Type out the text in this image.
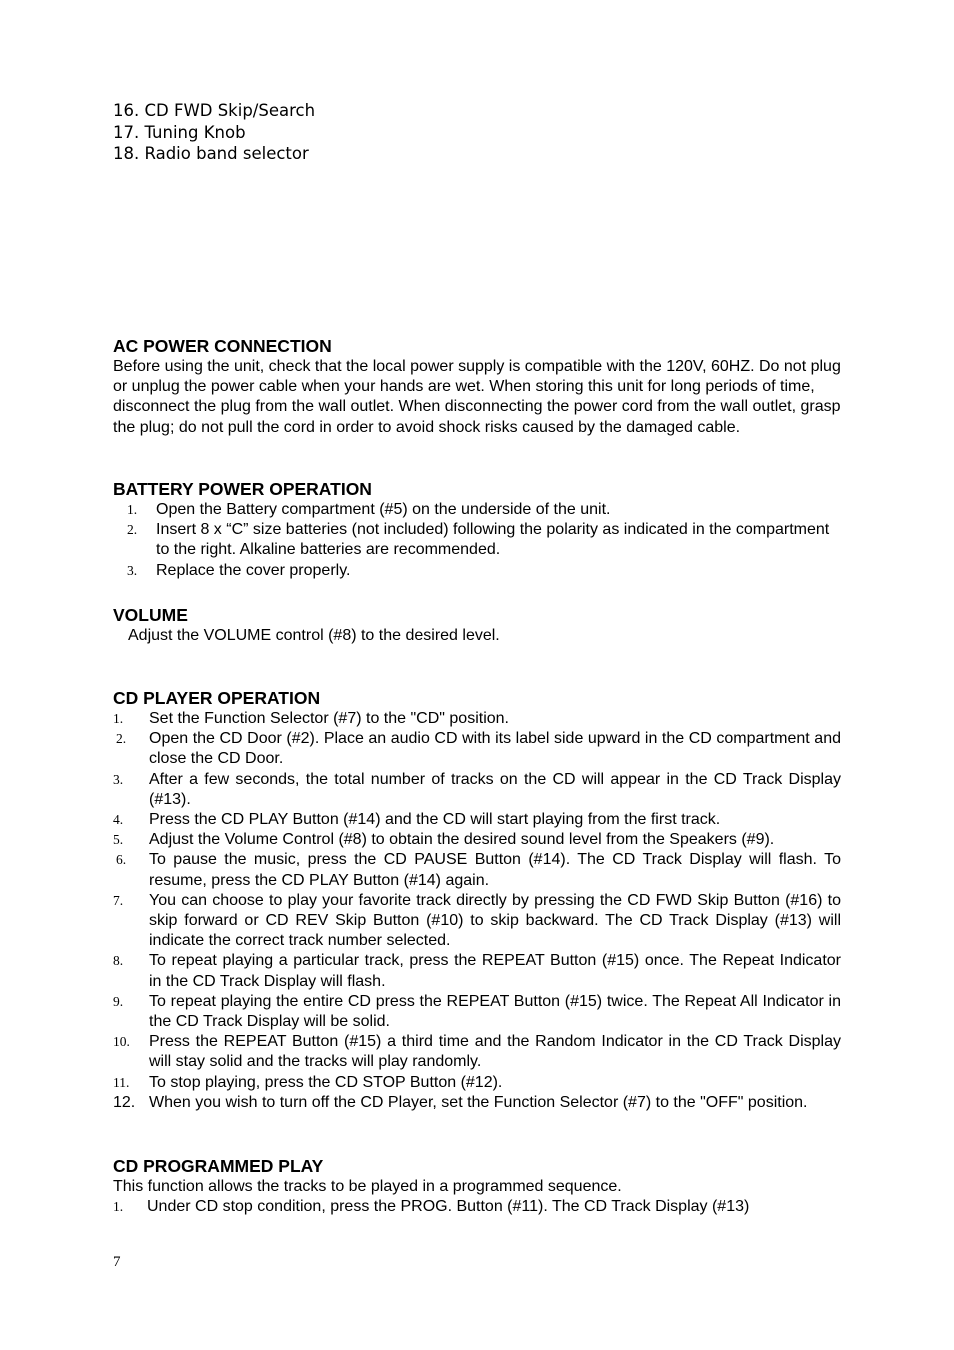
16. CD FWD Skip/Search
17. Tuning Knob
18. Radio band selector
AC POWER CONNECTION
Before using the unit, check that the local power supply is compatible with the 120V, 60HZ. Do not plug or unplug the power cable when your hands are wet. When storing this unit for long periods of time, disconnect the plug from the wall outlet. When disconnecting the power cord from the wall outlet, grasp the plug; do not pull the cord in order to avoid shock risks caused by the damaged cable.
BATTERY POWER OPERATION
1. Open the Battery compartment (#5) on the underside of the unit.
2. Insert 8 x “C” size batteries (not included) following the polarity as indicated in the compartment to the right. Alkaline batteries are recommended.
3. Replace the cover properly.
VOLUME
Adjust the VOLUME control (#8) to the desired level.
CD PLAYER OPERATION
1. Set the Function Selector (#7) to the "CD" position.
2. Open the CD Door (#2). Place an audio CD with its label side upward in the CD compartment and close the CD Door.
3. After a few seconds, the total number of tracks on the CD will appear in the CD Track Display (#13).
4. Press the CD PLAY Button (#14) and the CD will start playing from the first track.
5. Adjust the Volume Control (#8) to obtain the desired sound level from the Speakers (#9).
6. To pause the music, press the CD PAUSE Button (#14). The CD Track Display will flash. To resume, press the CD PLAY Button (#14) again.
7. You can choose to play your favorite track directly by pressing the CD FWD Skip Button (#16) to skip forward or CD REV Skip Button (#10) to skip backward. The CD Track Display (#13) will indicate the correct track number selected.
8. To repeat playing a particular track, press the REPEAT Button (#15) once. The Repeat Indicator in the CD Track Display will flash.
9. To repeat playing the entire CD press the REPEAT Button (#15) twice. The Repeat All Indicator in the CD Track Display will be solid.
10. Press the REPEAT Button (#15) a third time and the Random Indicator in the CD Track Display will stay solid and the tracks will play randomly.
11. To stop playing, press the CD STOP Button (#12).
12. When you wish to turn off the CD Player, set the Function Selector (#7) to the "OFF" position.
CD PROGRAMMED PLAY
This function allows the tracks to be played in a programmed sequence.
1. Under CD stop condition, press the PROG. Button (#11). The CD Track Display (#13)
7
